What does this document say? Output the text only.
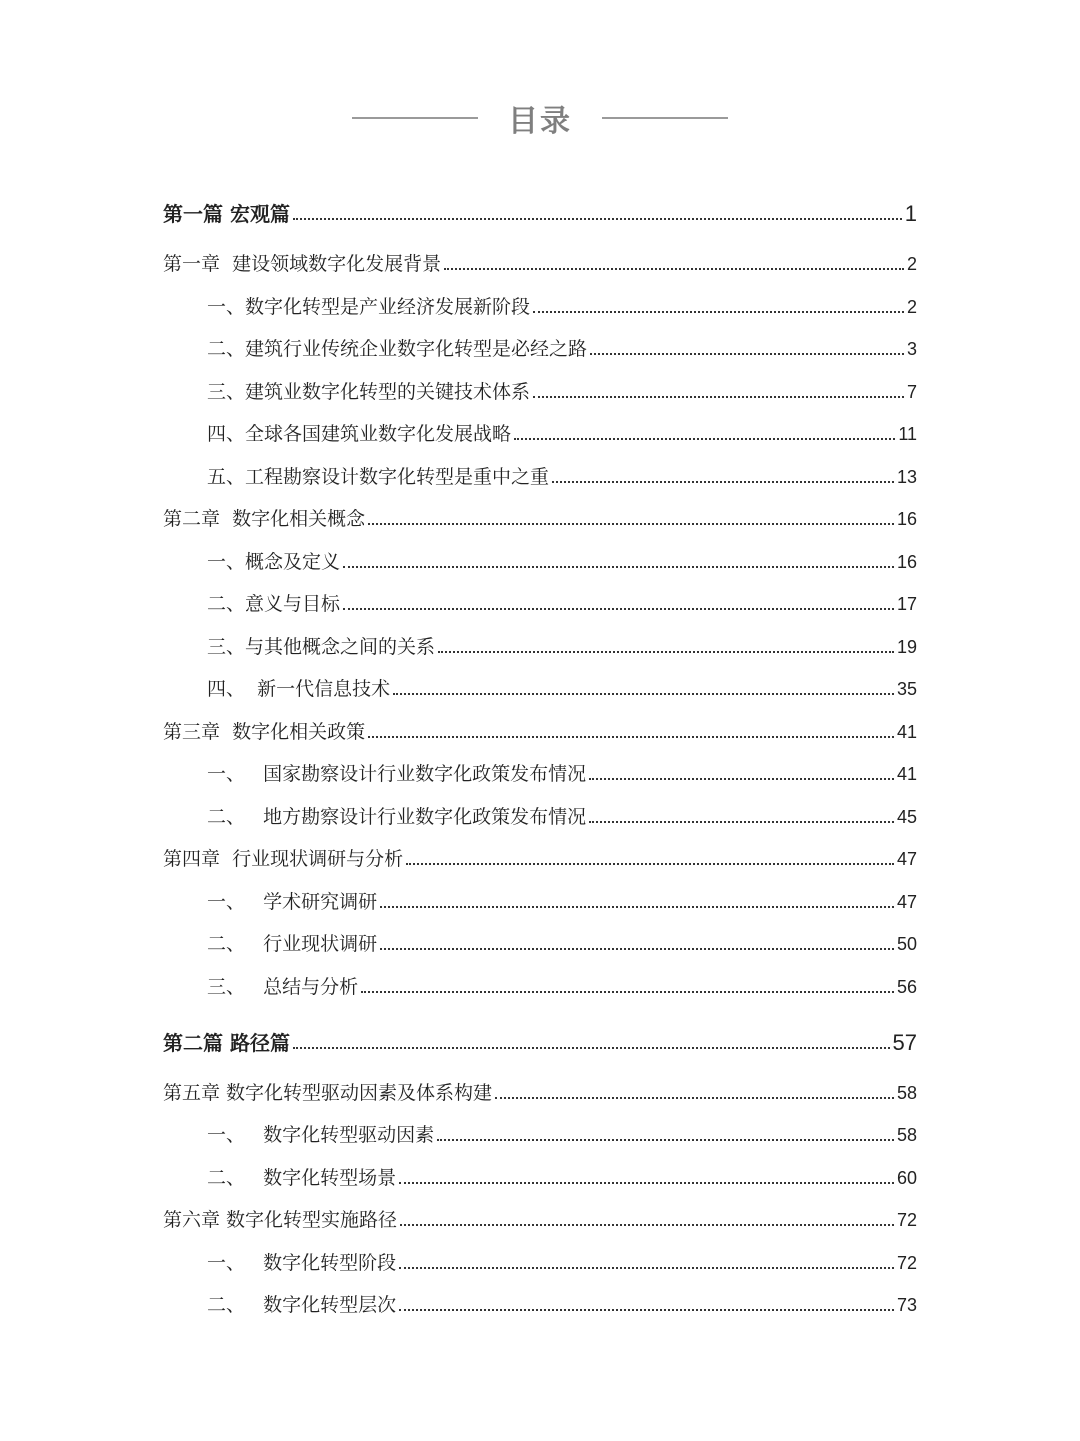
目录
第一篇 宏观篇	1
第一章  建设领域数字化发展背景	2
一、数字化转型是产业经济发展新阶段	2
二、建筑行业传统企业数字化转型是必经之路	3
三、建筑业数字化转型的关键技术体系	7
四、全球各国建筑业数字化发展战略	11
五、工程勘察设计数字化转型是重中之重	13
第二章  数字化相关概念	16
一、概念及定义	16
二、意义与目标	17
三、与其他概念之间的关系	19
四、  新一代信息技术	35
第三章  数字化相关政策	41
一、   国家勘察设计行业数字化政策发布情况	41
二、   地方勘察设计行业数字化政策发布情况	45
第四章  行业现状调研与分析	47
一、   学术研究调研	47
二、   行业现状调研	50
三、   总结与分析	56
第二篇 路径篇	57
第五章 数字化转型驱动因素及体系构建	58
一、   数字化转型驱动因素	58
二、   数字化转型场景	60
第六章 数字化转型实施路径	72
一、   数字化转型阶段	72
二、   数字化转型层次	73
